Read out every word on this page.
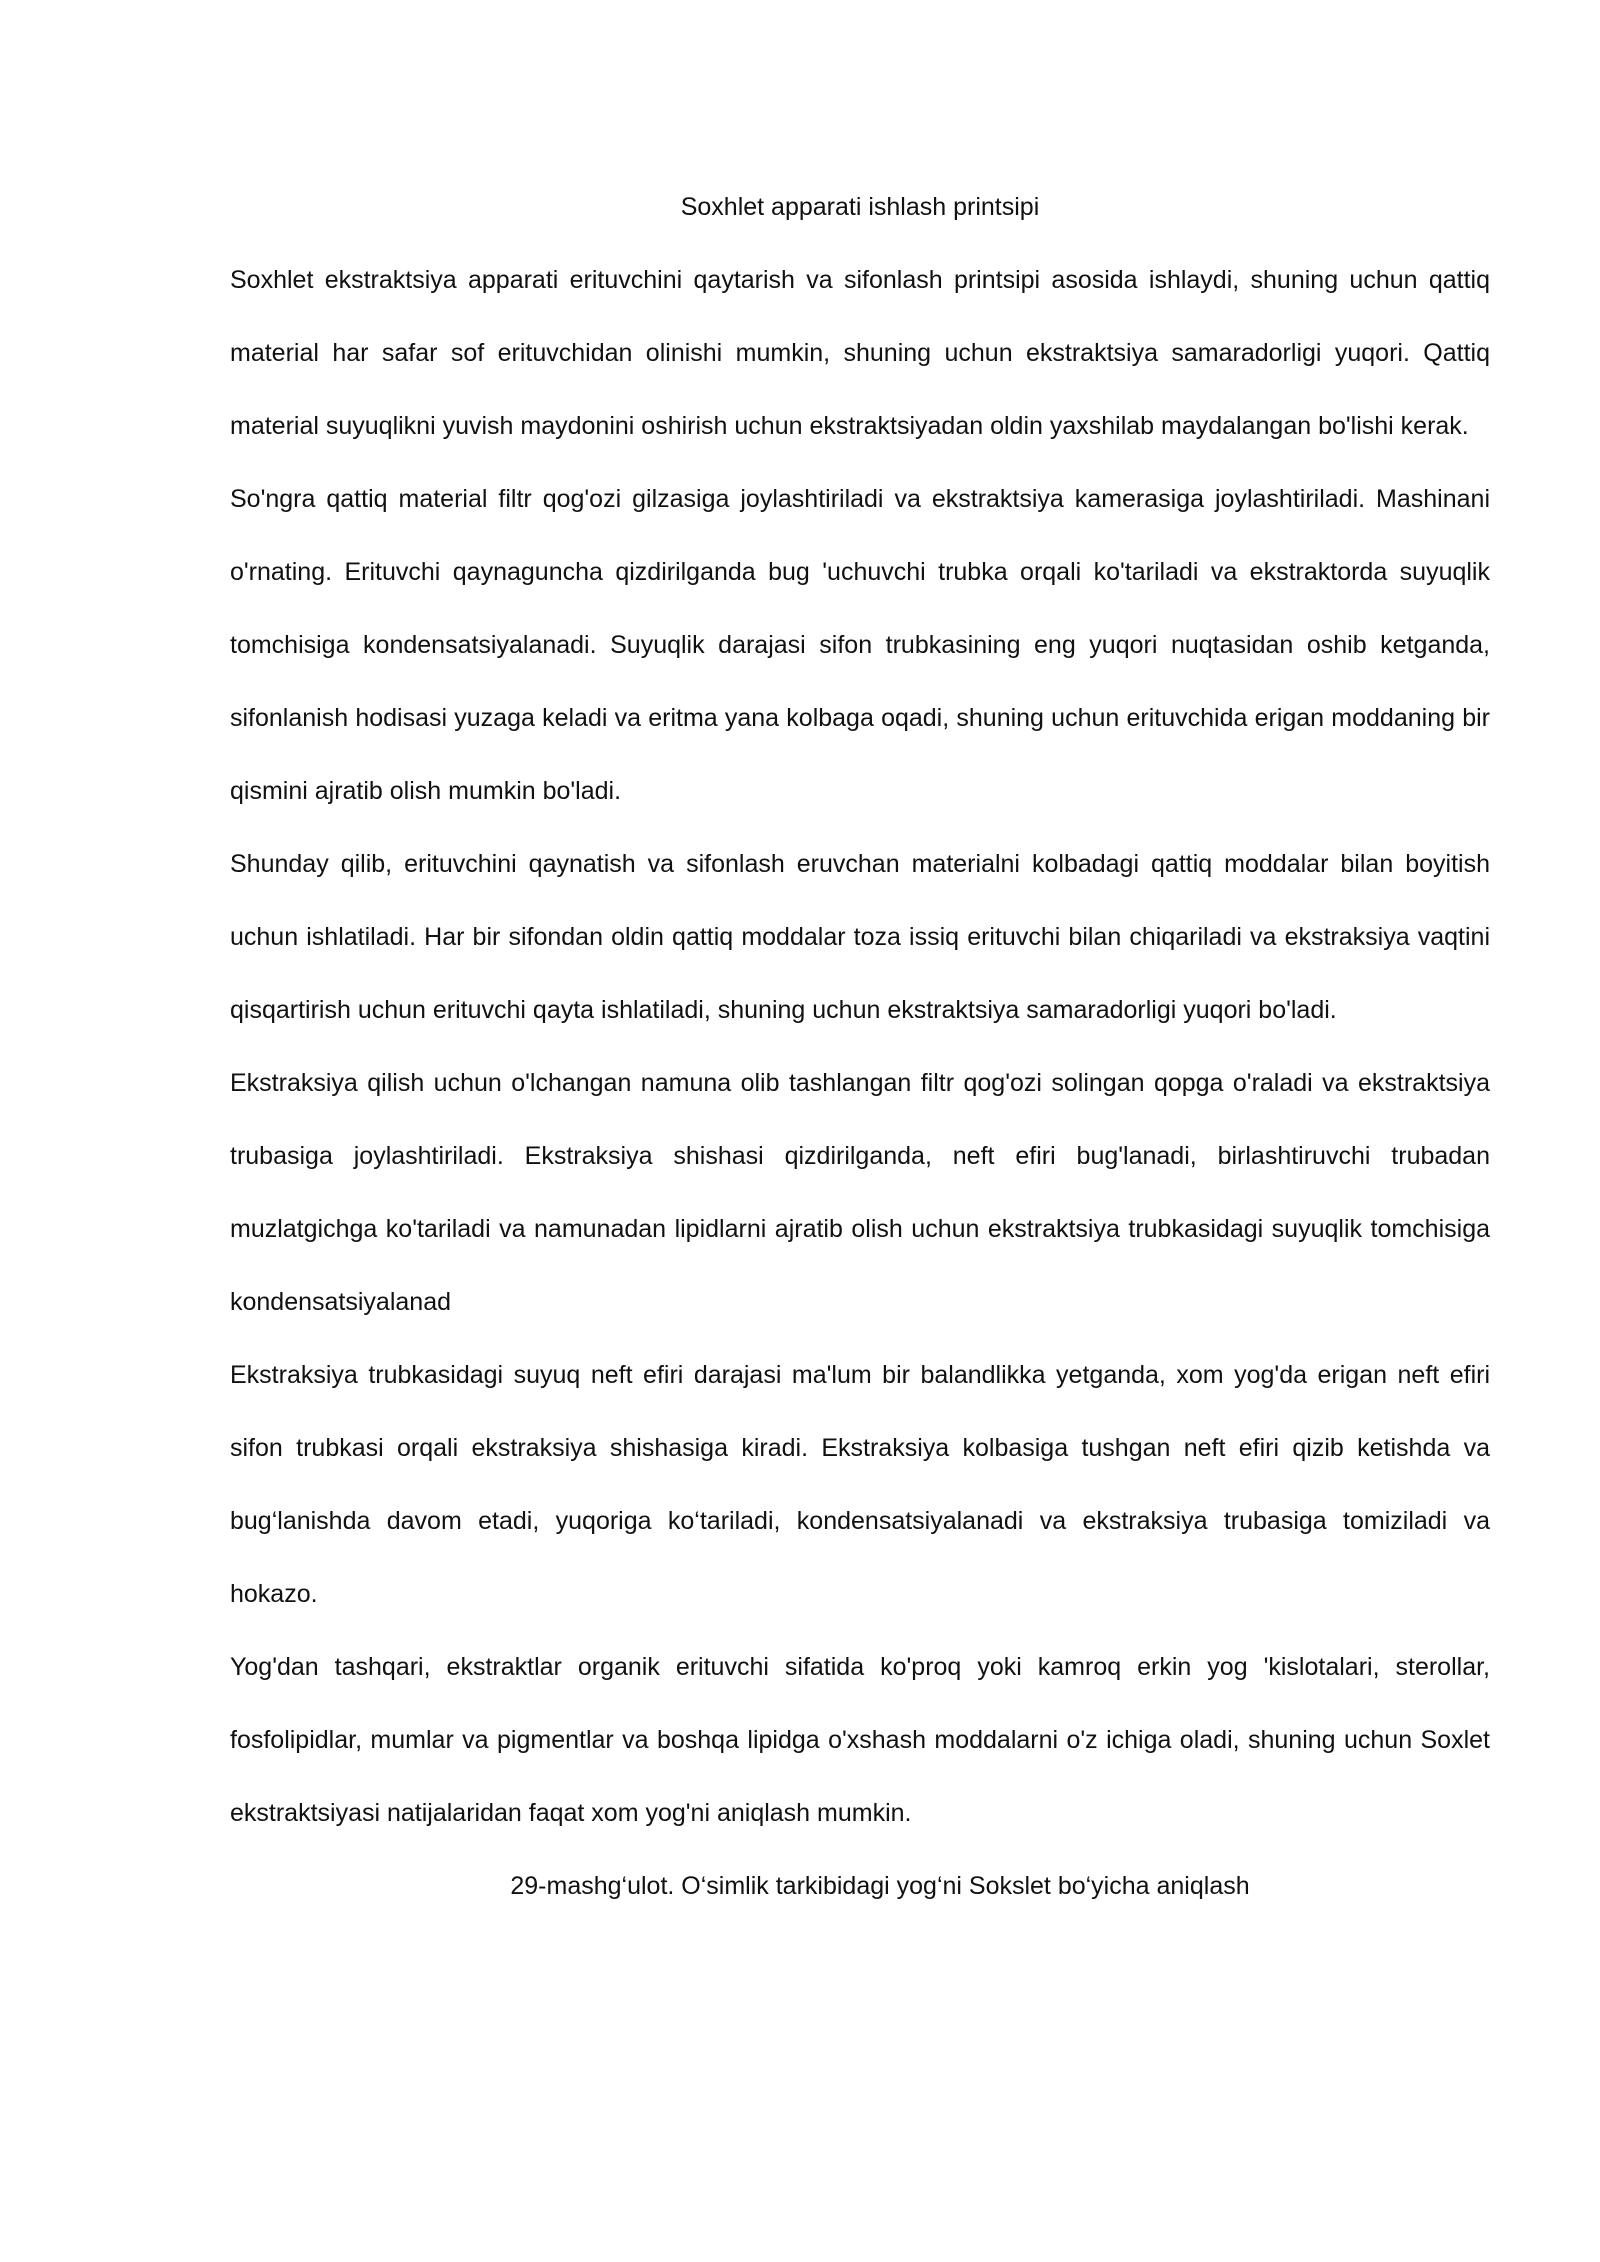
Soxhlet apparati ishlash printsipi

Soxhlet ekstraktsiya apparati erituvchini qaytarish va sifonlash printsipi asosida ishlaydi, shuning uchun qattiq material har safar sof erituvchidan olinishi mumkin, shuning uchun ekstraktsiya samaradorligi yuqori. Qattiq material suyuqlikni yuvish maydonini oshirish uchun ekstraktsiyadan oldin yaxshilab maydalangan bo'lishi kerak.

So'ngra qattiq material filtr qog'ozi gilzasiga joylashtiriladi va ekstraktsiya kamerasiga joylashtiriladi. Mashinani o'rnating. Erituvchi qaynaguncha qizdirilganda bug 'uchuvchi trubka orqali ko'tariladi va ekstraktorda suyuqlik tomchisiga kondensatsiyalanadi. Suyuqlik darajasi sifon trubkasining eng yuqori nuqtasidan oshib ketganda, sifonlanish hodisasi yuzaga keladi va eritma yana kolbaga oqadi, shuning uchun erituvchida erigan moddaning bir qismini ajratib olish mumkin bo'ladi.

Shunday qilib, erituvchini qaynatish va sifonlash eruvchan materialni kolbadagi qattiq moddalar bilan boyitish uchun ishlatiladi. Har bir sifondan oldin qattiq moddalar toza issiq erituvchi bilan chiqariladi va ekstraksiya vaqtini qisqartirish uchun erituvchi qayta ishlatiladi, shuning uchun ekstraktsiya samaradorligi yuqori bo'ladi.

Ekstraksiya qilish uchun o'lchangan namuna olib tashlangan filtr qog'ozi solingan qopga o'raladi va ekstraktsiya trubasiga joylashtiriladi. Ekstraksiya shishasi qizdirilganda, neft efiri bug'lanadi, birlashtiruvchi trubadan muzlatgichga ko'tariladi va namunadan lipidlarni ajratib olish uchun ekstraktsiya trubkasidagi suyuqlik tomchisiga kondensatsiyalanad

Ekstraksiya trubkasidagi suyuq neft efiri darajasi ma'lum bir balandlikka yetganda, xom yog'da erigan neft efiri sifon trubkasi orqali ekstraksiya shishasiga kiradi. Ekstraksiya kolbasiga tushgan neft efiri qizib ketishda va bug‘lanishda davom etadi, yuqoriga ko‘tariladi, kondensatsiyalanadi va ekstraksiya trubasiga tomiziladi va hokazo.

Yog'dan tashqari, ekstraktlar organik erituvchi sifatida ko'proq yoki kamroq erkin yog 'kislotalari, sterollar, fosfolipidlar, mumlar va pigmentlar va boshqa lipidga o'xshash moddalarni o'z ichiga oladi, shuning uchun Soxlet ekstraktsiyasi natijalaridan faqat xom yog'ni aniqlash mumkin.

29-mashg‘ulot. O‘simlik tarkibidagi yog‘ni Sokslet bo‘yicha aniqlash
